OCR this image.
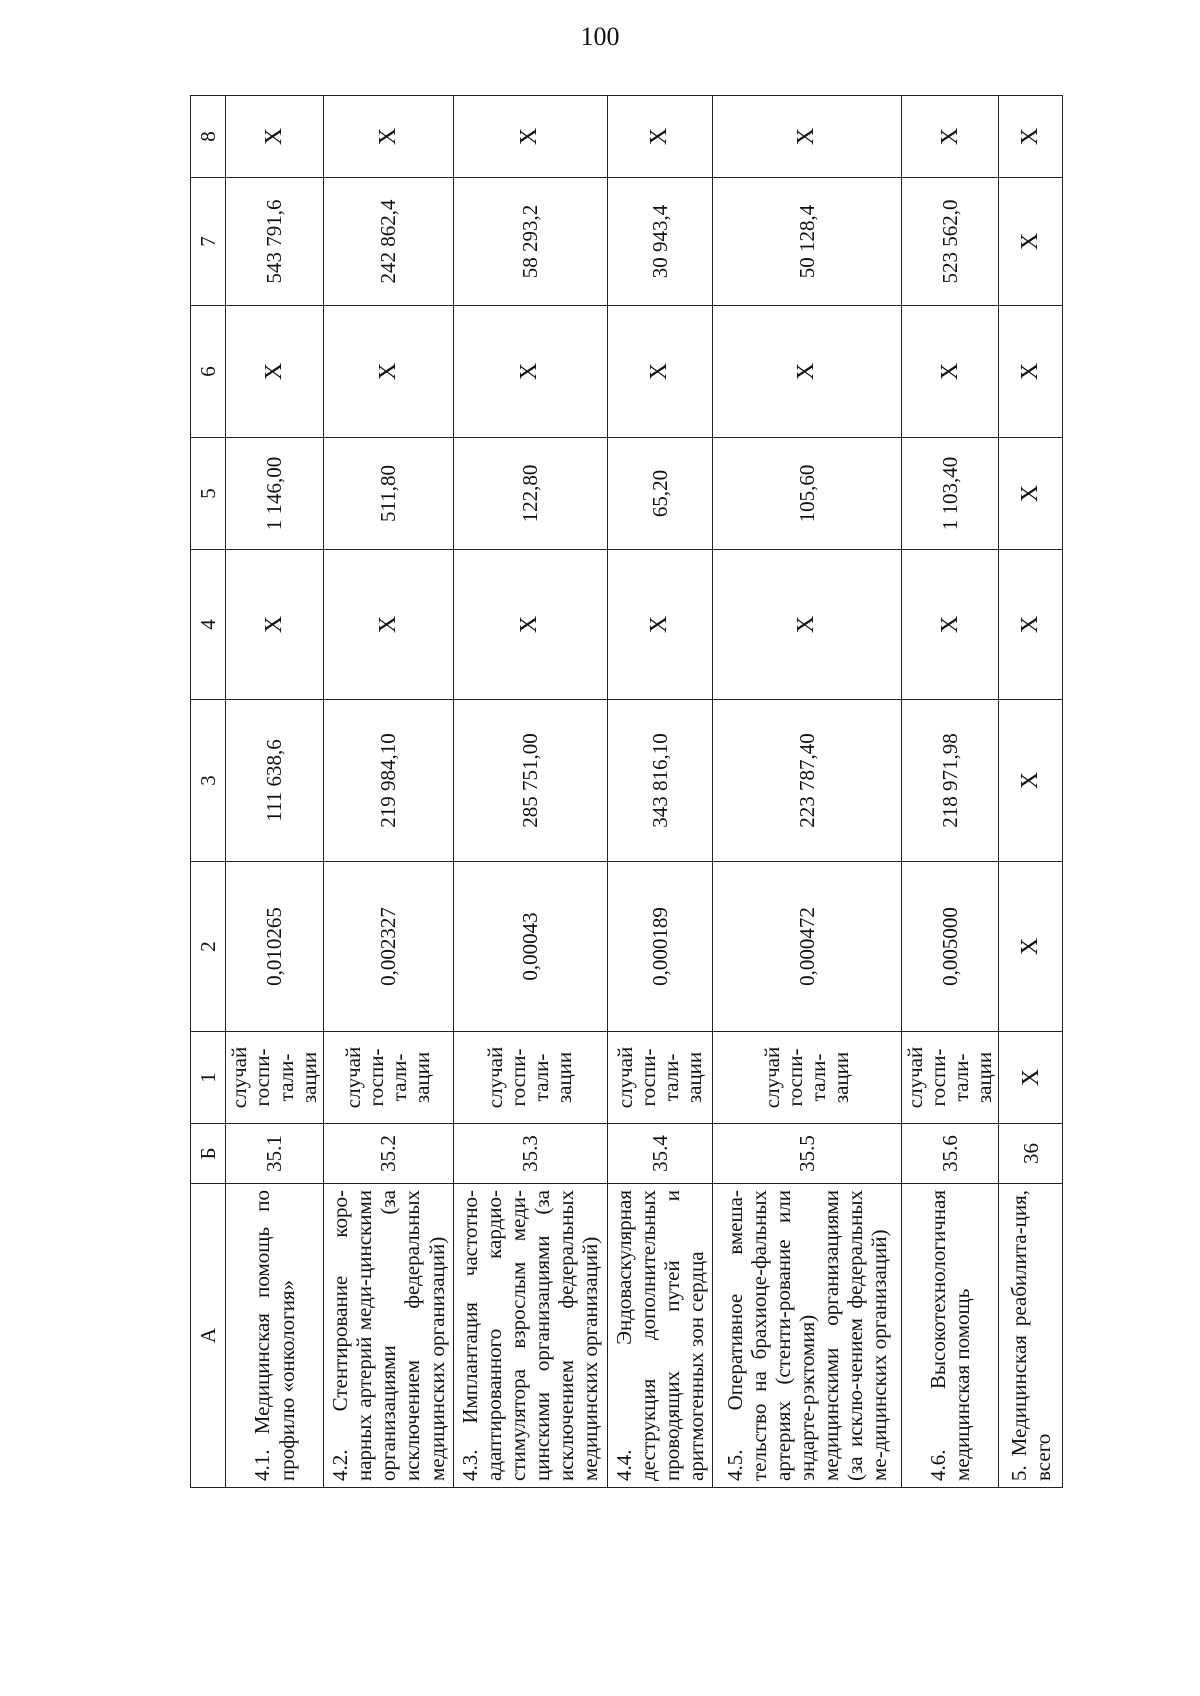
100
А	Б	1	2	3	4	5	6	7	8
4.1. Медицинская помощь по профилю «онкология»	35.1	случай госпи-тали-зации	0,010265	111 638,6	Х	1 146,00	Х	543 791,6	Х
4.2. Стентирование коро-нарных артерий меди-цинскими организациями (за исключением федеральных медицинских организаций)	35.2	случай госпи-тали-зации	0,002327	219 984,10	Х	511,80	Х	242 862,4	Х
4.3. Имплантация частотно-адаптированного кардио-стимулятора взрослым меди-цинскими организациями (за исключением федеральных медицинских организаций)	35.3	случай госпи-тали-зации	0,00043	285 751,00	Х	122,80	Х	58 293,2	Х
4.4. Эндоваскулярная деструкция дополнительных проводящих путей и аритмогенных зон сердца	35.4	случай госпи-тали-зации	0,000189	343 816,10	Х	65,20	Х	30 943,4	Х
4.5. Оперативное вмеша-тельство на брахиоце-фальных артериях (стенти-рование или эндарте-рэктомия) медицинскими организациями (за исклю-чением федеральных ме-дицинских организаций)	35.5	случай госпи-тали-зации	0,000472	223 787,40	Х	105,60	Х	50 128,4	Х
4.6. Высокотехнологичная медицинская помощь	35.6	случай госпи-тали-зации	0,005000	218 971,98	Х	1 103,40	Х	523 562,0	Х
5. Медицинская реабилита-ция, всего	36	Х	Х	Х	Х	Х	Х	Х	Х
